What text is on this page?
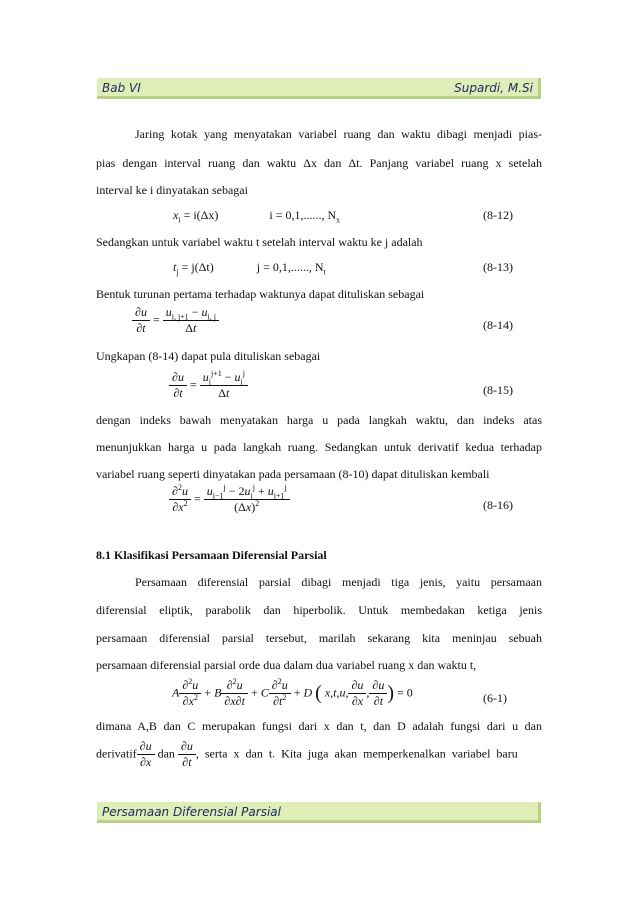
Bab VI	Supardi, M.Si

Jaring kotak yang menyatakan variabel ruang dan waktu dibagi menjadi pias-

pias dengan interval ruang dan waktu Δx dan Δt. Panjang variabel ruang x setelah

interval ke i dinyatakan sebagai

$x_i = i(\Delta x)$	i = 0,1,......, $N_x$	(8-12)

Sedangkan untuk variabel waktu t setelah interval waktu ke j adalah

$t_j = j(\Delta t)$	j = 0,1,......, $N_t$	(8-13)

Bentuk turunan pertama terhadap waktunya dapat dituliskan sebagai

$\frac{\partial u}{\partial t} = \frac{u_{i, j+1} - u_{i, j}}{\Delta t}$	(8-14)

Ungkapan (8-14) dapat pula dituliskan sebagai

$\frac{\partial u}{\partial t} = \frac{u_i^{j+1} - u_i^j}{\Delta t}$	(8-15)

dengan indeks bawah menyatakan harga u pada langkah waktu, dan indeks atas

menunjukkan harga u pada langkah ruang. Sedangkan untuk derivatif kedua terhadap

variabel ruang seperti dinyatakan pada persamaan (8-10) dapat dituliskan kembali

$\frac{\partial^2u}{\partial x^2} = \frac{u_{i-1}^j - 2u_i^j + u_{i+1}^j}{(\Delta x)^2}$	(8-16)
8.1 Klasifikasi Persamaan Diferensial Parsial

Persamaan diferensial parsial dibagi menjadi tiga jenis, yaitu persamaan

diferensial eliptik, parabolik dan hiperbolik. Untuk membedakan ketiga jenis

persamaan diferensial parsial tersebut, marilah sekarang kita meninjau sebuah

persamaan diferensial parsial orde dua dalam dua variabel ruang x dan waktu t,

A $\frac{\partial^2u}{\partial x^2} + B \frac{\partial^2u}{\partial x\partial t} + C \frac{\partial^2u}{\partial t^2} + D$ ( x,t,u, $\frac{\partial u}{\partial x}$ , $\frac{\partial u}{\partial t}$ ) = 0	(6-1)

dimana A,B dan C merupakan fungsi dari x dan t, dan D adalah fungsi dari u dan

derivatif $\frac{\partial u}{\partial x}$ dan $\frac{\partial u}{\partial t}$ , serta x dan t. Kita juga akan memperkenalkan variabel baru
Persamaan Diferensial Parsial
